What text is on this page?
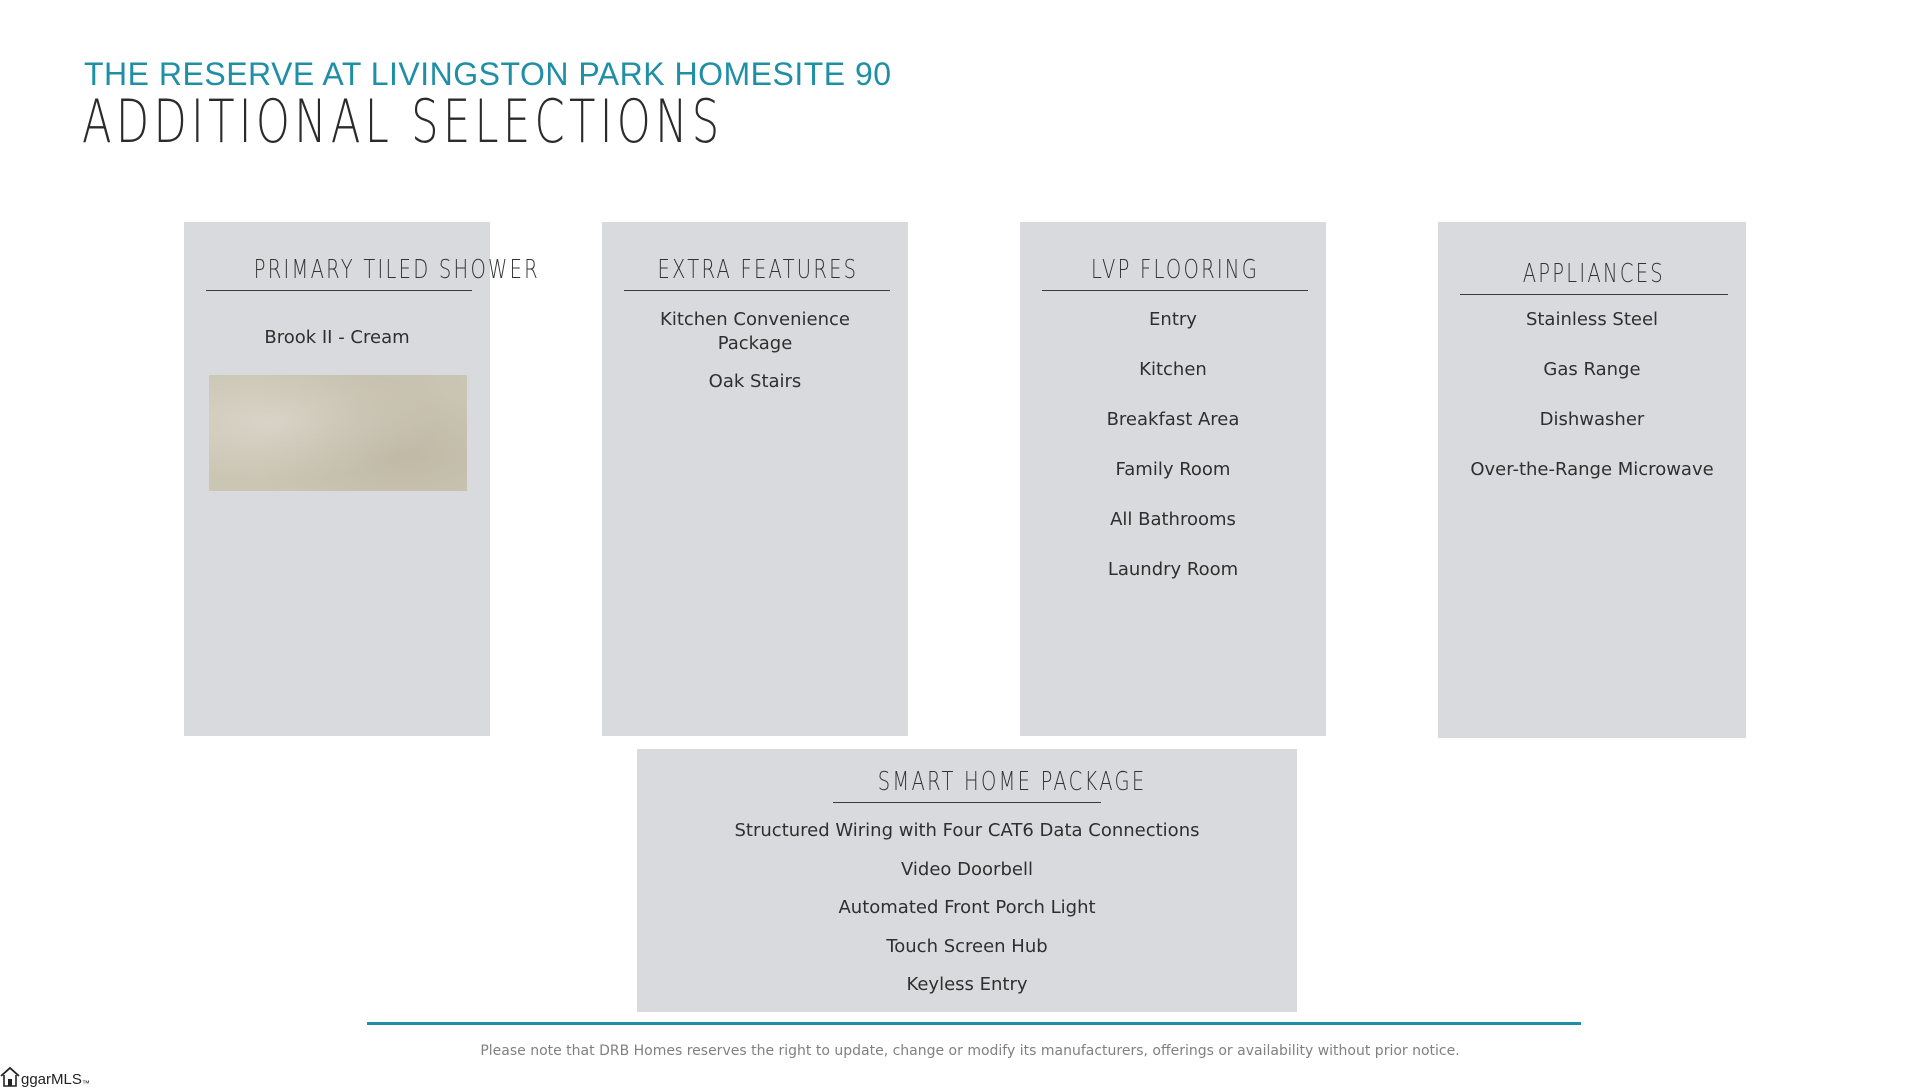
THE RESERVE AT LIVINGSTON PARK HOMESITE 90
ADDITIONAL SELECTIONS
PRIMARY TILED SHOWER
Brook II - Cream
EXTRA FEATURES
Kitchen Convenience Package
Oak Stairs
LVP FLOORING
Entry
Kitchen
Breakfast Area
Family Room
All Bathrooms
Laundry Room
APPLIANCES
Stainless Steel
Gas Range
Dishwasher
Over-the-Range Microwave
SMART HOME PACKAGE
Structured Wiring with Four CAT6 Data Connections
Video Doorbell
Automated Front Porch Light
Touch Screen Hub
Keyless Entry
Please note that DRB Homes reserves the right to update, change or modify its manufacturers, offerings or availability without prior notice.
ggarMLS$_™$
